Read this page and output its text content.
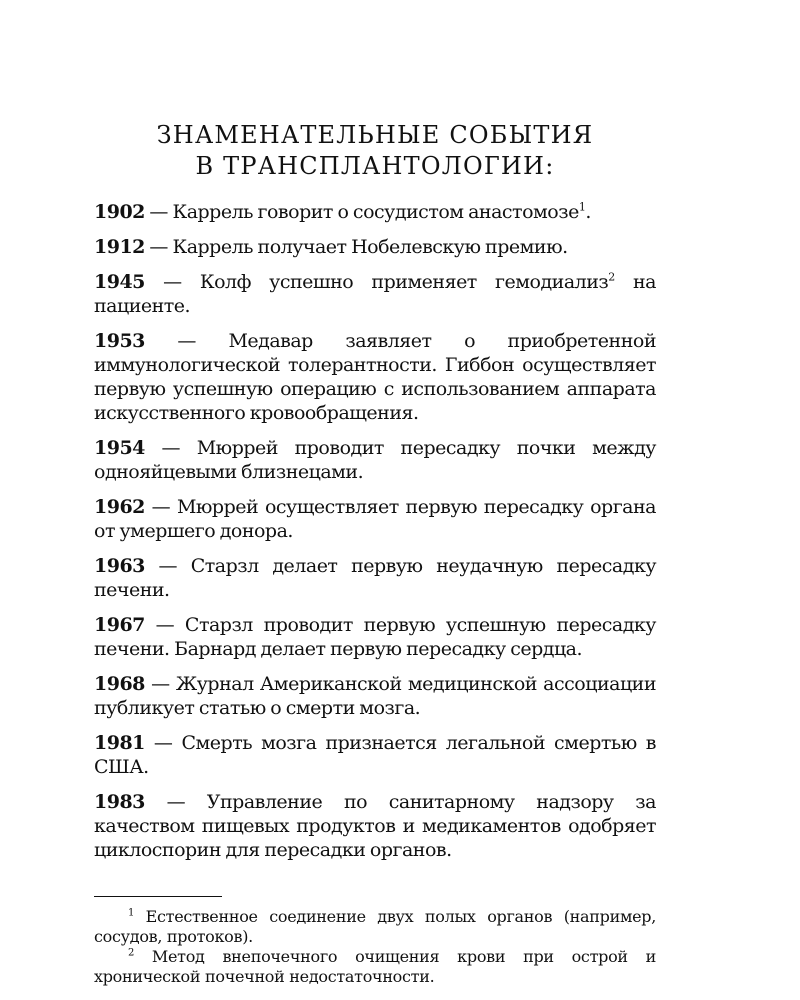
ЗНАМЕНАТЕЛЬНЫЕ СОБЫТИЯ
В ТРАНСПЛАНТОЛОГИИ:

1902 — Каррель говорит о сосудистом анастомозе$^1$.

1912 — Каррель получает Нобелевскую премию.

1945 — Колф успешно применяет гемодиализ$^2$ на пациенте.

1953 — Медавар заявляет о приобретенной иммунологической толерантности. Гиббон осуществляет первую успешную операцию с использованием аппарата искусственного кровообращения.

1954 — Мюррей проводит пересадку почки между однояйцевыми близнецами.

1962 — Мюррей осуществляет первую пересадку органа от умершего донора.

1963 — Старзл делает первую неудачную пересадку печени.

1967 — Старзл проводит первую успешную пересадку печени. Барнард делает первую пересадку сердца.

1968 — Журнал Американской медицинской ассоциации публикует статью о смерти мозга.

1981 — Смерть мозга признается легальной смертью в США.

1983 — Управление по санитарному надзору за качеством пищевых продуктов и медикаментов одобряет циклоспорин для пересадки органов.

$^1$ Естественное соединение двух полых органов (например, сосудов, протоков).

$^2$ Метод внепочечного очищения крови при острой и хронической почечной недостаточности.
